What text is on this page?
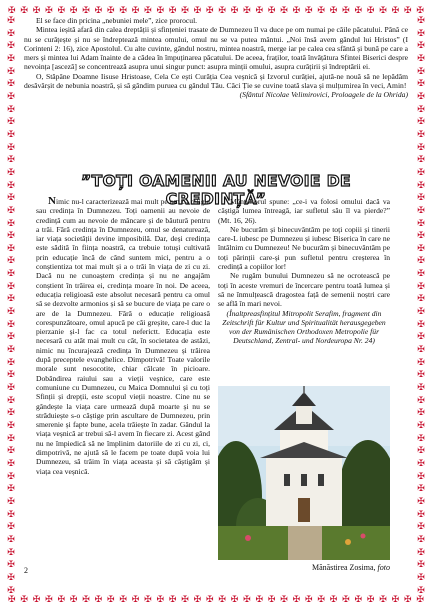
✠ ✠ ✠ ✠ ✠ ✠ ✠ ✠ ✠ ✠ ✠ ✠ ✠ ✠ ✠ ✠ ✠ ✠ ✠ ✠ ✠ ✠ ✠ ✠ ✠ ✠ ✠ ✠ ✠ ✠ ✠ ✠ ✠ ✠
✠ ✠ ✠ ✠ ✠ ✠ ✠ ✠ ✠ ✠ ✠ ✠ ✠ ✠ ✠ ✠ ✠ ✠ ✠ ✠ ✠ ✠ ✠ ✠ ✠ ✠ ✠ ✠ ✠ ✠ ✠ ✠ ✠ ✠
✠
✠
✠
✠
✠
✠
✠
✠
✠
✠
✠
✠
✠
✠
✠
✠
✠
✠
✠
✠
✠
✠
✠
✠
✠
✠
✠
✠
✠
✠
✠
✠
✠
✠
✠
✠
✠
✠
✠
✠
✠
✠
✠
✠
✠
✠
✠
✠
✠
✠
✠
✠
✠
✠
✠
✠
✠
✠
✠
✠
✠
✠
✠
✠
✠
✠
✠
✠
✠
✠
✠
✠
✠
✠
✠
✠
✠
✠
✠
✠
✠
✠
✠
✠
✠
✠
✠
✠
✠
✠
✠
✠

El se face din pricina „nebuniei mele”, zice prorocul.

Mintea ieșită afară din calea dreptății și sfințeniei trasate de Dumnezeu îl va duce pe om numai pe căile păcatului. Până ce nu se curățește și nu se îndreptează mintea omului, omul nu se va putea mântui. „Noi însă avem gândul lui Hristos” (I Corinteni 2: 16), zice Apostolul. Cu alte cuvinte, gândul nostru, mintea noastră, merge iar pe calea cea sfântă și bună pe care a mers și mintea lui Adam înainte de a cădea în împuținarea păcatului. De aceea, fraților, toată învățătura Sfintei Biserici despre nevoința [asceză] se concentrează asupra unui singur punct: asupra minții omului, asupra curățirii și îndreptării ei.

O, Stăpâne Doamne Iisuse Hristoase, Cela Ce ești Curăția Cea veșnică și Izvorul curăției, ajută-ne nouă să ne lepădăm desăvârșit de nebunia noastră, și să gândim puruea cu gândul Tău. Căci Ție se cuvine toată slava și mulțumirea în veci, Amin!

(Sfântul Nicolae Velimirovici, Proloagele de la Ohrida)

”TOȚI OAMENII AU NEVOIE DE CREDINȚĂ”

Nimic nu-l caracterizează mai mult pe om ca religia sau credința în Dumnezeu. Toți oamenii au nevoie de credință cum au nevoie de mâncare și de băutură pentru a trăi. Fără credința în Dumnezeu, omul se denaturează, iar viața societății devine imposibilă. Dar, deși credința este sădită în ființa noastră, ca trebuie totuși cultivată prin educație încă de când suntem mici, pentru a o conștientiza tot mai mult și a o trăi în viața de zi cu zi. Dacă nu ne cunoaștem credința și nu ne angajăm conștient în trăirea ei, credința moare în noi. De aceea, educația religioasă este absolut necesară pentru ca omul să se dezvolte armonios și să se bucure de viața pe care o are de la Dumnezeu. Fără o educație religioasă corespunzătoare, omul apucă pe căi greșite, care-l duc la pierzanie și-l fac ca totul neferictt. Educația este necesară cu atât mai mult cu cât, în societatea de astăzi, nimic nu încurajează credința în Dumnezeu și trăirea după preceptele evanghelice. Dimpotrivă! Toate valorile morale sunt nesocotite, chiar călcate în picioare. Dobândirea raiului sau a vieții veșnice, care este comuniune cu Dumnezeu, cu Maica Domnului și cu toți Sfinții și drepții, este scopul vieții noastre. Cine nu se gândește la viața care urmează după moarte și nu se străduiește s-o câștige prin ascultare de Dumnezeu, prin smerenie și fapte bune, acela trăiește în zadar. Gândul la viața veșnică ar trebui să-l avem în fiecare zi. Acest gând nu ne împiedică să ne împlinim datoriile de zi cu zi, ci, dimpotrivă, ne ajută să le facem pe toate după voia lui Dumnezeu, să trăim în viața aceasta și să câștigăm și viața cea veșnică.

Mântuitorul spune: „ce-i va folosi omului dacă va câștiga lumea întreagă, iar sufletul său îl va pierde?” (Mt. 16, 26).

Ne bucurăm și binecuvântăm pe toți copiii și tinerii care-L iubesc pe Dumnezeu și iubesc Biserica în care ne întâlnim cu Dumnezeu! Ne bucurăm și binecuvântăm pe toți părinții care-și pun sufletul pentru creșterea în credință a copiilor lor!

Ne rugăm bunului Dumnezeu să ne ocrotească pe toți în aceste vremuri de încercare pentru toată lumea și să ne înmulțească dragostea față de semenii noștri care se află în mari nevoi.

(Înaltpreasfințitul Mitropolit Serafim, fragment din Zeitschrift für Kultur und Spiritualität herausgegeben von der Rumänischen Orthodoxen Metropolie für Deutschland, Zentral- und Nordeuropa Nr. 24)

Mănăstirea Zosima, foto
2
